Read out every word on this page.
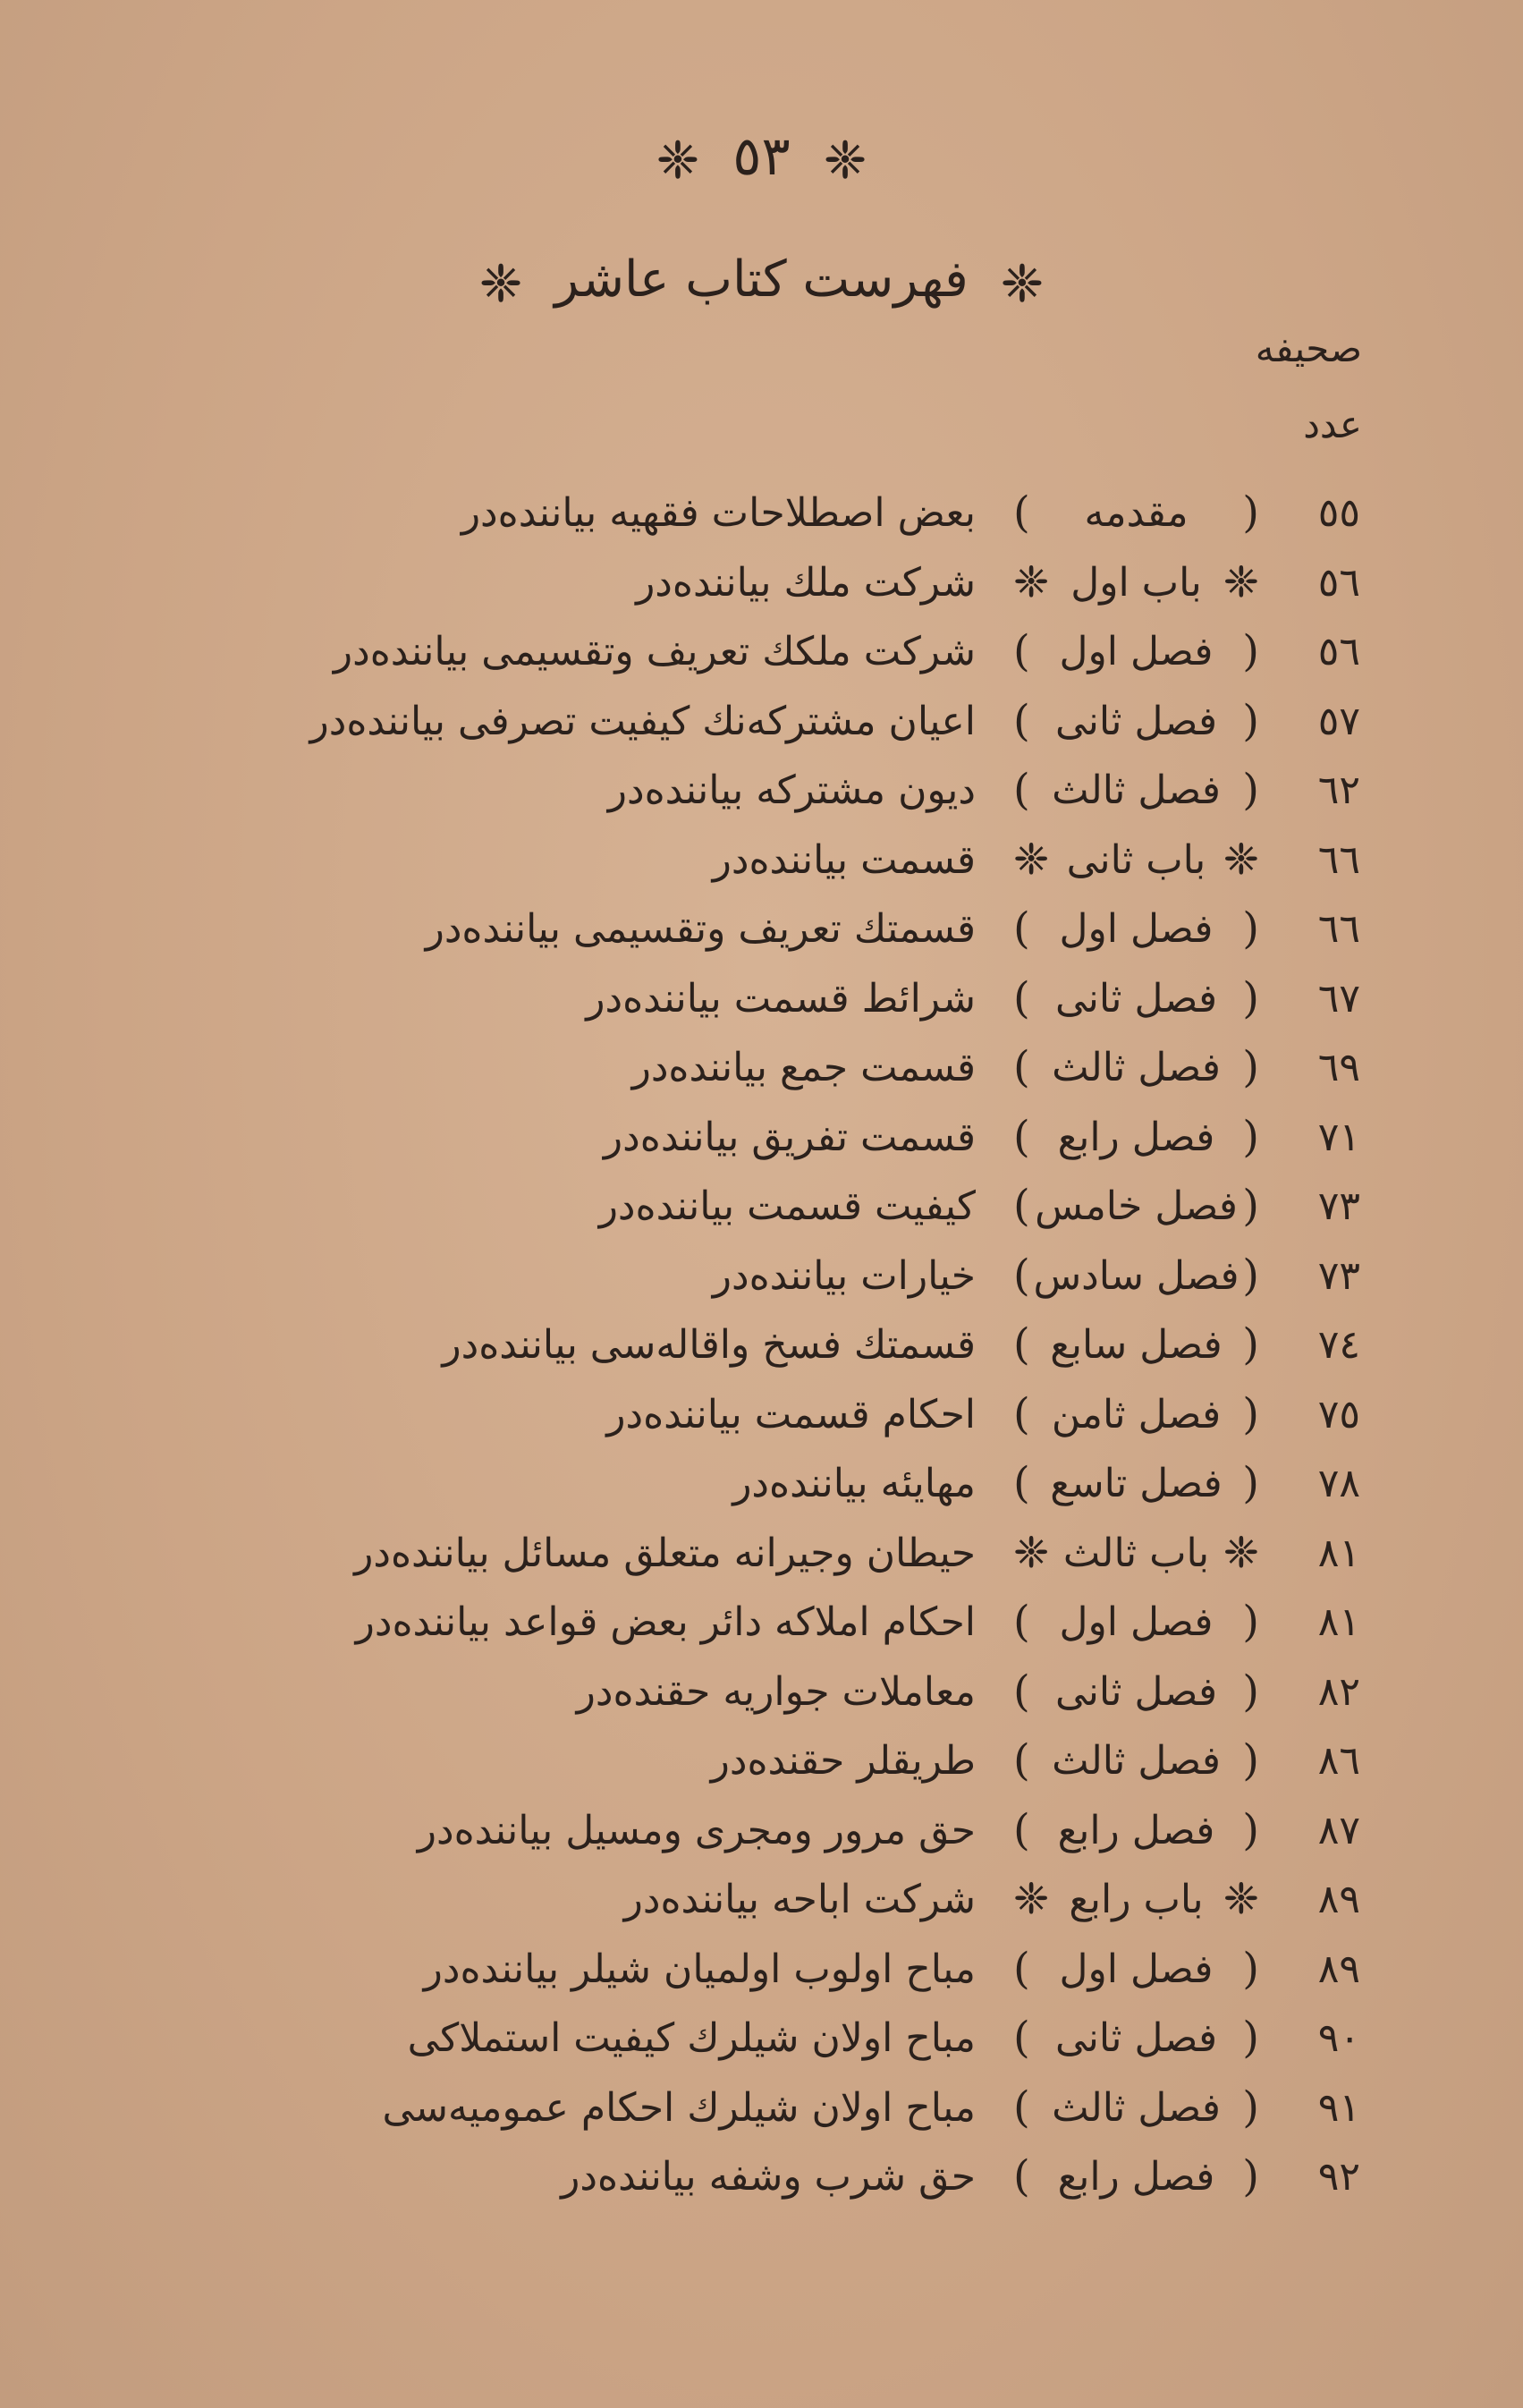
❈ ٥٣ ❈
❈ فهرست كتاب عاشر ❈
صحيفه
عدد
٥٥
(
مقدمه
)
بعض اصطلاحات فقهيه بياننده‌در
٥٦
❈
باب اول
❈
شركت ملك بياننده‌در
٥٦
(
فصل اول
)
شركت ملكك تعريف وتقسيمى بياننده‌در
٥٧
(
فصل ثانى
)
اعيان مشتركه‌نك كيفيت تصرفى بياننده‌در
٦٢
(
فصل ثالث
)
ديون مشتركه بياننده‌در
٦٦
❈
باب ثانى
❈
قسمت بياننده‌در
٦٦
(
فصل اول
)
قسمتك تعريف وتقسيمى بياننده‌در
٦٧
(
فصل ثانى
)
شرائط قسمت بياننده‌در
٦٩
(
فصل ثالث
)
قسمت جمع بياننده‌در
٧١
(
فصل رابع
)
قسمت تفريق بياننده‌در
٧٣
(
فصل خامس
)
كيفيت قسمت بياننده‌در
٧٣
(
فصل سادس
)
خيارات بياننده‌در
٧٤
(
فصل سابع
)
قسمتك فسخ واقاله‌سى بياننده‌در
٧٥
(
فصل ثامن
)
احكام قسمت بياننده‌در
٧٨
(
فصل تاسع
)
مهايئه بياننده‌در
٨١
❈
باب ثالث
❈
حيطان وجيرانه متعلق مسائل بياننده‌در
٨١
(
فصل اول
)
احكام املاكه دائر بعض قواعد بياننده‌در
٨٢
(
فصل ثانى
)
معاملات جواريه حقنده‌در
٨٦
(
فصل ثالث
)
طريقلر حقنده‌در
٨٧
(
فصل رابع
)
حق مرور ومجرى ومسيل بياننده‌در
٨٩
❈
باب رابع
❈
شركت اباحه بياننده‌در
٨٩
(
فصل اول
)
مباح اولوب اولميان شيلر بياننده‌در
٩٠
(
فصل ثانى
)
مباح اولان شيلرك كيفيت استملاكى
٩١
(
فصل ثالث
)
مباح اولان شيلرك احكام عموميه‌سى
٩٢
(
فصل رابع
)
حق شرب وشفه بياننده‌در
